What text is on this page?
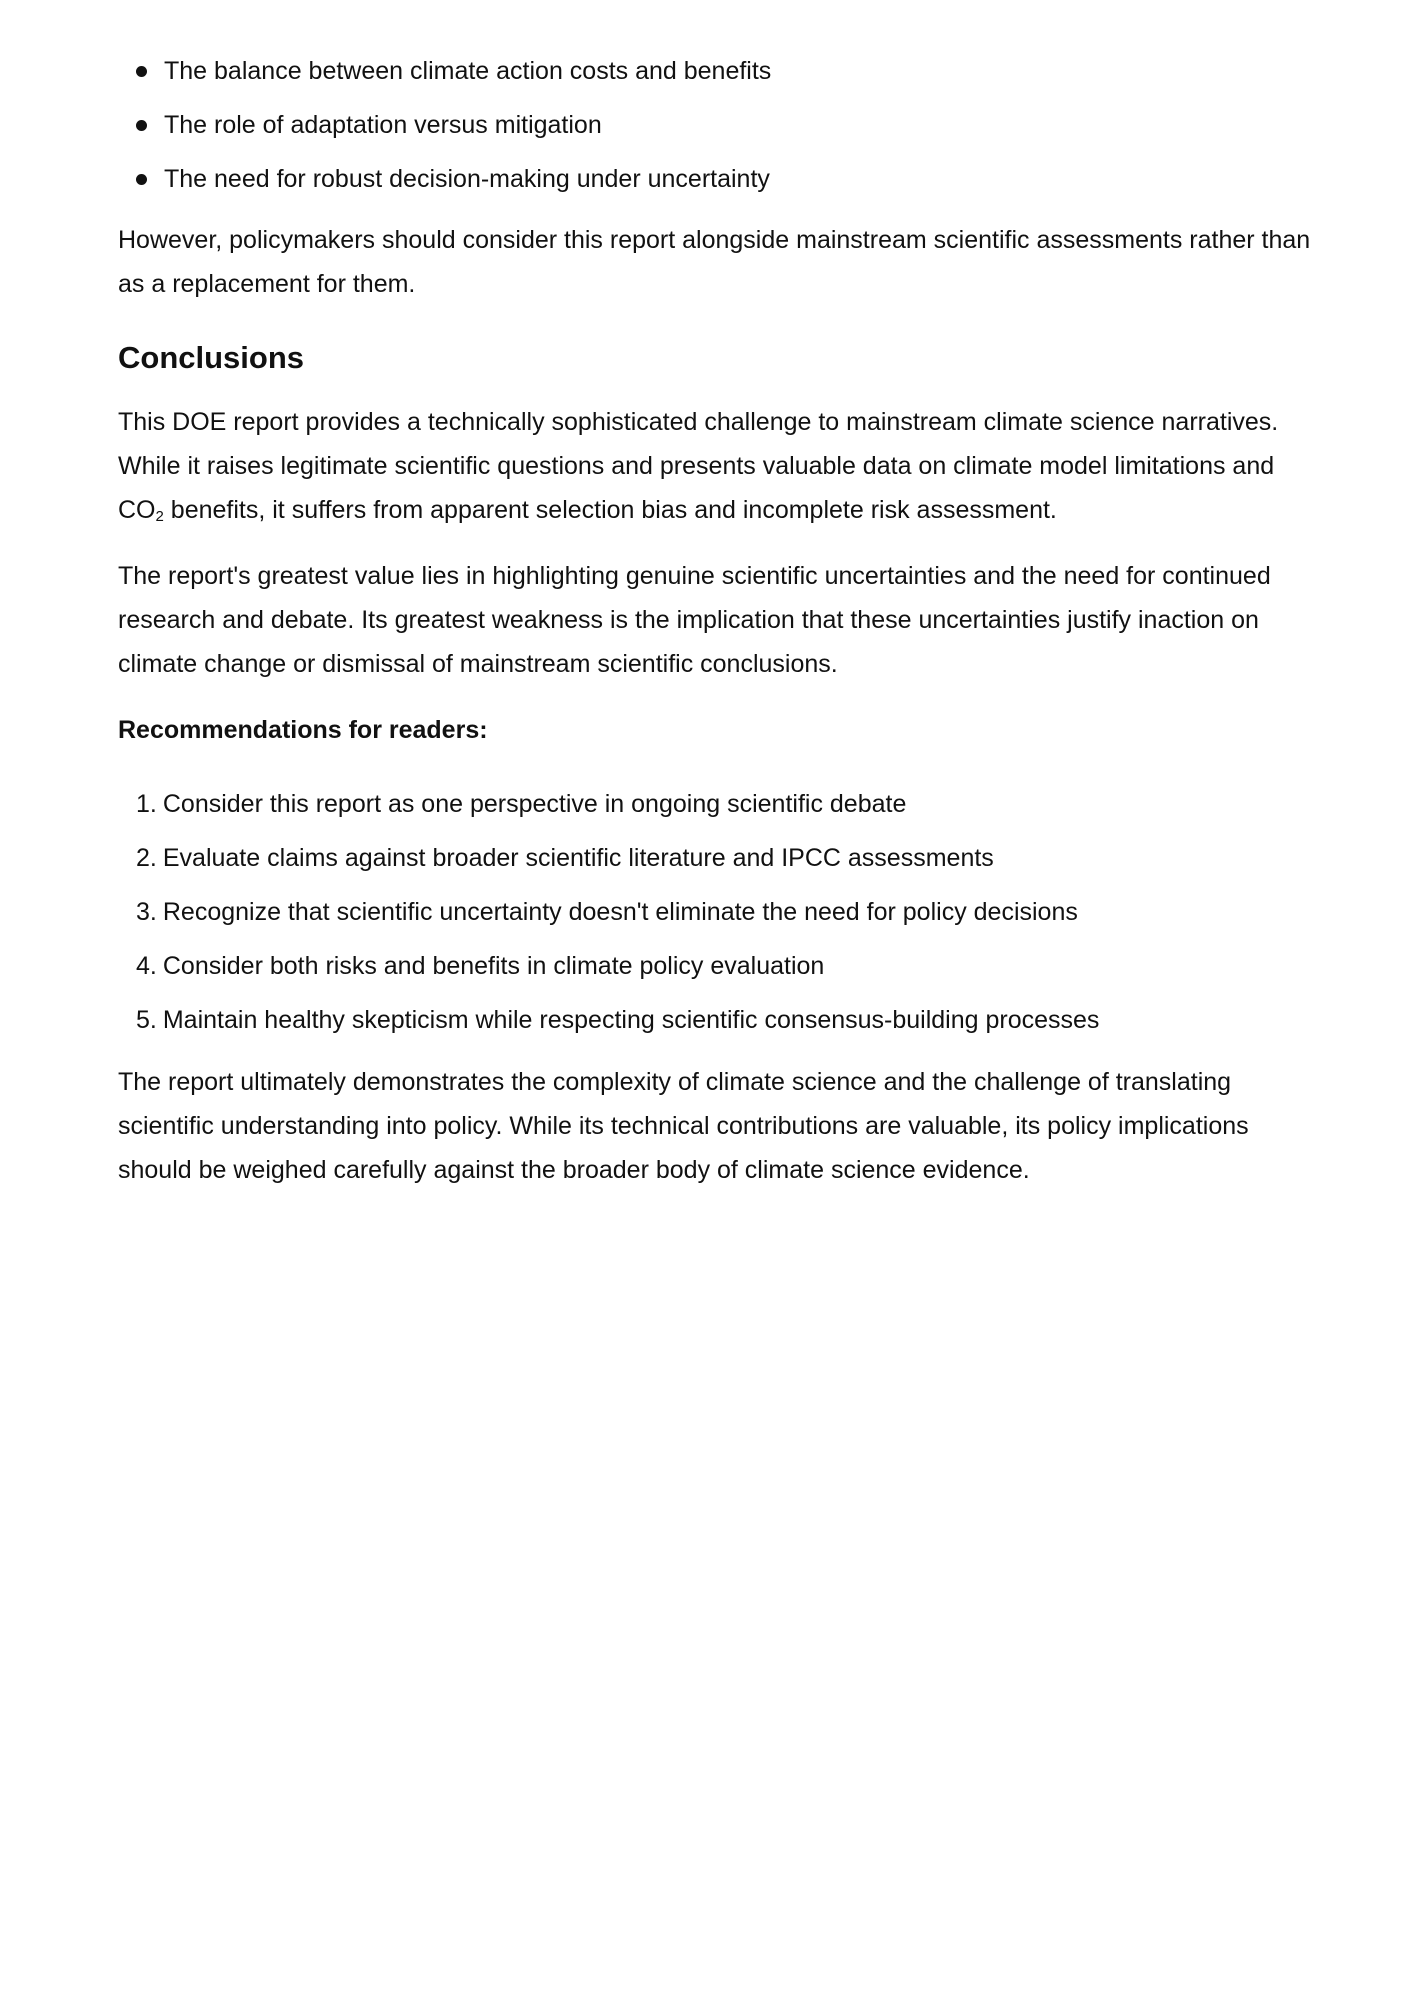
The balance between climate action costs and benefits
The role of adaptation versus mitigation
The need for robust decision-making under uncertainty

However, policymakers should consider this report alongside mainstream scientific assessments rather than as a replacement for them.

Conclusions

This DOE report provides a technically sophisticated challenge to mainstream climate science narratives. While it raises legitimate scientific questions and presents valuable data on climate model limitations and $CO_2$ benefits, it suffers from apparent selection bias and incomplete risk assessment.

The report's greatest value lies in highlighting genuine scientific uncertainties and the need for continued research and debate. Its greatest weakness is the implication that these uncertainties justify inaction on climate change or dismissal of mainstream scientific conclusions.

Recommendations for readers:
1. Consider this report as one perspective in ongoing scientific debate
2. Evaluate claims against broader scientific literature and IPCC assessments
3. Recognize that scientific uncertainty doesn't eliminate the need for policy decisions
4. Consider both risks and benefits in climate policy evaluation
5. Maintain healthy skepticism while respecting scientific consensus-building processes

The report ultimately demonstrates the complexity of climate science and the challenge of translating scientific understanding into policy. While its technical contributions are valuable, its policy implications should be weighed carefully against the broader body of climate science evidence.
